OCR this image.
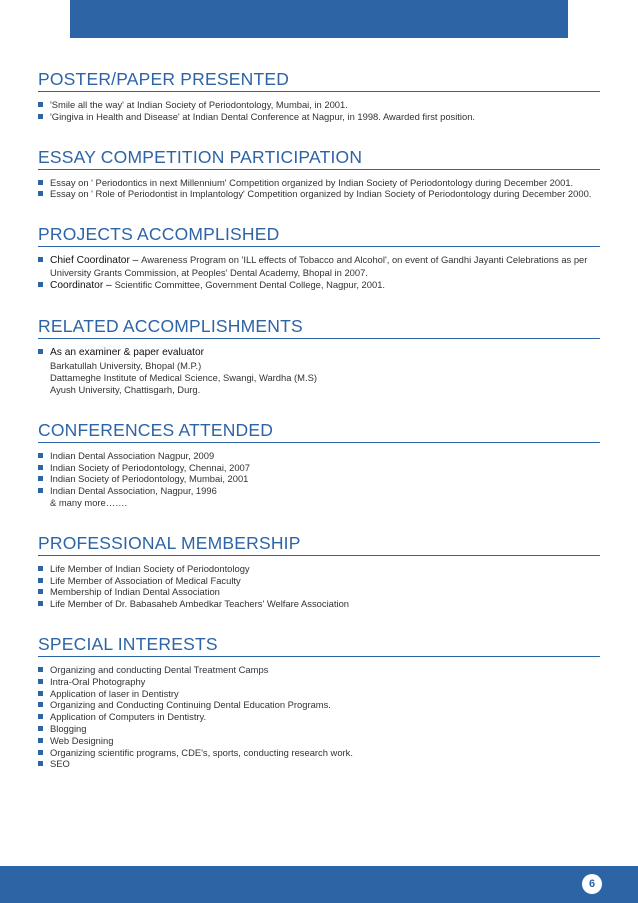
POSTER/PAPER PRESENTED
'Smile all the way' at Indian Society of Periodontology, Mumbai, in 2001.
'Gingiva in Health and Disease' at Indian Dental Conference at Nagpur, in 1998. Awarded first position.
ESSAY COMPETITION PARTICIPATION
Essay on ' Periodontics in next Millennium' Competition organized by Indian Society of Periodontology during December 2001.
Essay on ' Role of Periodontist in Implantology' Competition organized by Indian Society of Periodontology during December 2000.
PROJECTS ACCOMPLISHED
Chief Coordinator – Awareness Program on 'ILL effects of Tobacco and Alcohol', on event of Gandhi Jayanti Celebrations as per University Grants Commission, at Peoples' Dental Academy, Bhopal in 2007.
Coordinator – Scientific Committee, Government Dental College, Nagpur, 2001.
RELATED ACCOMPLISHMENTS
As an examiner & paper evaluator
Barkatullah University, Bhopal (M.P.)
Dattameghe Institute of Medical Science, Swangi, Wardha (M.S)
Ayush University, Chattisgarh, Durg.
CONFERENCES ATTENDED
Indian Dental Association Nagpur, 2009
Indian Society of Periodontology, Chennai, 2007
Indian Society of Periodontology, Mumbai, 2001
Indian Dental Association, Nagpur, 1996
& many more…….
PROFESSIONAL MEMBERSHIP
Life Member of Indian Society of Periodontology
Life Member of Association of Medical Faculty
Membership of Indian Dental Association
Life Member of Dr. Babasaheb Ambedkar Teachers' Welfare Association
SPECIAL INTERESTS
Organizing and conducting Dental Treatment Camps
Intra-Oral Photography
Application of laser in Dentistry
Organizing and Conducting Continuing Dental Education Programs.
Application of Computers in Dentistry.
Blogging
Web Designing
Organizing scientific programs, CDE's, sports, conducting research work.
SEO
6
